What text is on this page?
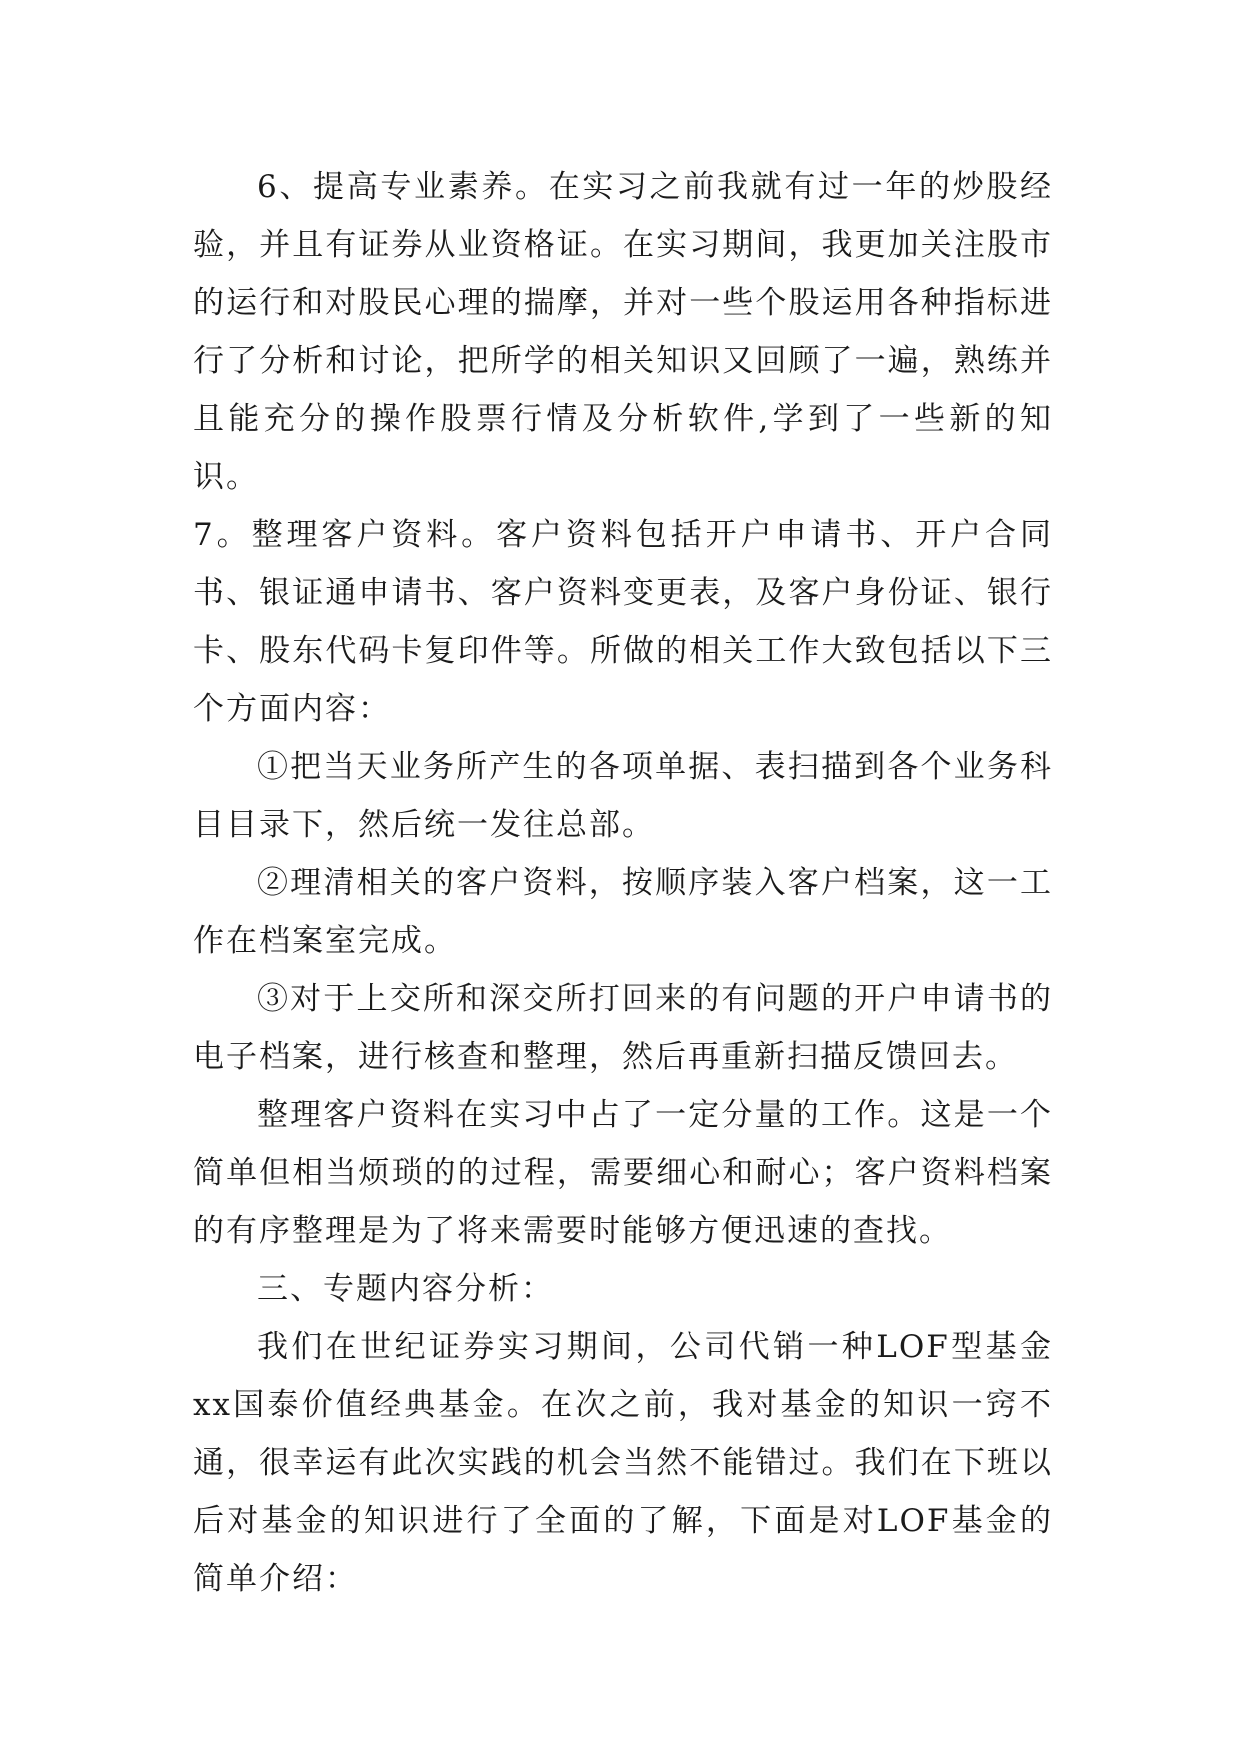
6、提高专业素养。在实习之前我就有过一年的炒股经验，并且有证券从业资格证。在实习期间，我更加关注股市的运行和对股民心理的揣摩，并对一些个股运用各种指标进行了分析和讨论，把所学的相关知识又回顾了一遍，熟练并且能充分的操作股票行情及分析软件,学到了一些新的知识。

7。整理客户资料。客户资料包括开户申请书、开户合同书、银证通申请书、客户资料变更表，及客户身份证、银行卡、股东代码卡复印件等。所做的相关工作大致包括以下三个方面内容：

①把当天业务所产生的各项单据、表扫描到各个业务科目目录下，然后统一发往总部。

②理清相关的客户资料，按顺序装入客户档案，这一工作在档案室完成。

③对于上交所和深交所打回来的有问题的开户申请书的电子档案，进行核查和整理，然后再重新扫描反馈回去。

整理客户资料在实习中占了一定分量的工作。这是一个简单但相当烦琐的的过程，需要细心和耐心；客户资料档案的有序整理是为了将来需要时能够方便迅速的查找。

三、专题内容分析：

我们在世纪证券实习期间，公司代销一种LOF型基金xx国泰价值经典基金。在次之前，我对基金的知识一窍不通，很幸运有此次实践的机会当然不能错过。我们在下班以后对基金的知识进行了全面的了解，下面是对LOF基金的简单介绍：
